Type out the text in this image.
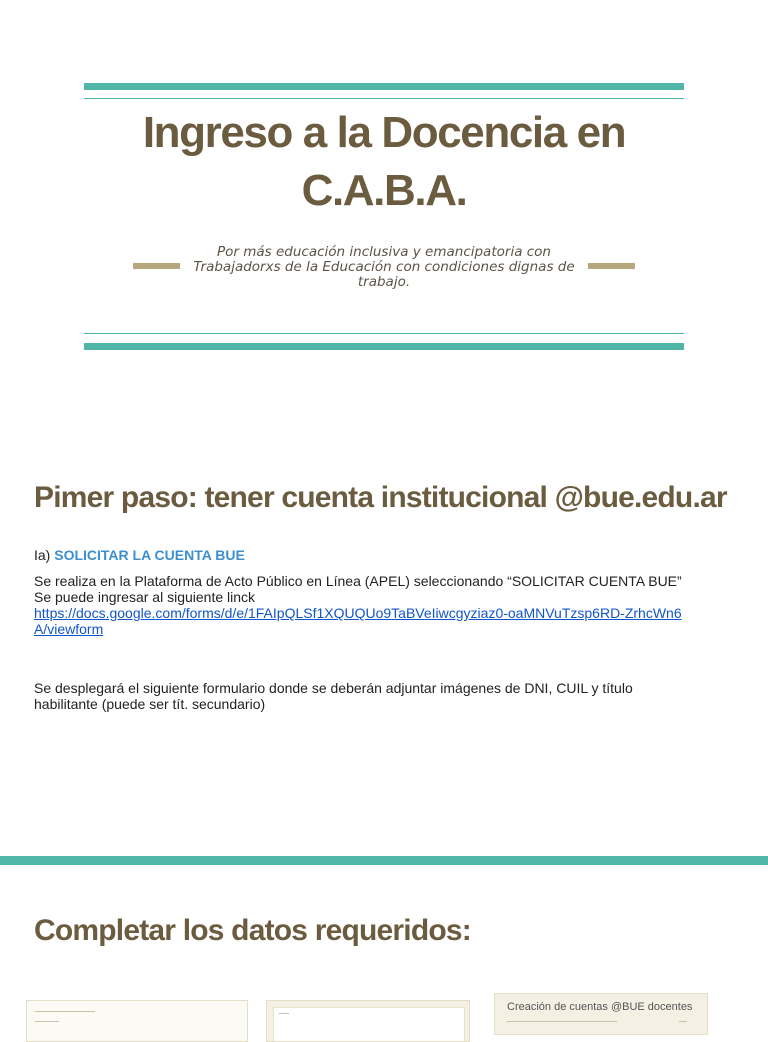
Ingreso a la Docencia en
C.A.B.A.

Por más educación inclusiva y emancipatoria con Trabajadorxs de la Educación con condiciones dignas de trabajo.

Pimer paso: tener cuenta institucional @bue.edu.ar
Ia) SOLICITAR LA CUENTA BUE
Se realiza en la Plataforma de Acto Público en Línea (APEL) seleccionando “SOLICITAR CUENTA BUE” Se puede ingresar al siguiente linck
https://docs.google.com/forms/d/e/1FAIpQLSf1XQUQUo9TaBVeIiwcgyziaz0-oaMNVuTzsp6RD-ZrhcWn6A/viewform
Se desplegará el siguiente formulario donde se deberán adjuntar imágenes de DNI, CUIL y título habilitante (puede ser tít. secundario)
Completar los datos requeridos:
Creación de cuentas @BUE docentes
